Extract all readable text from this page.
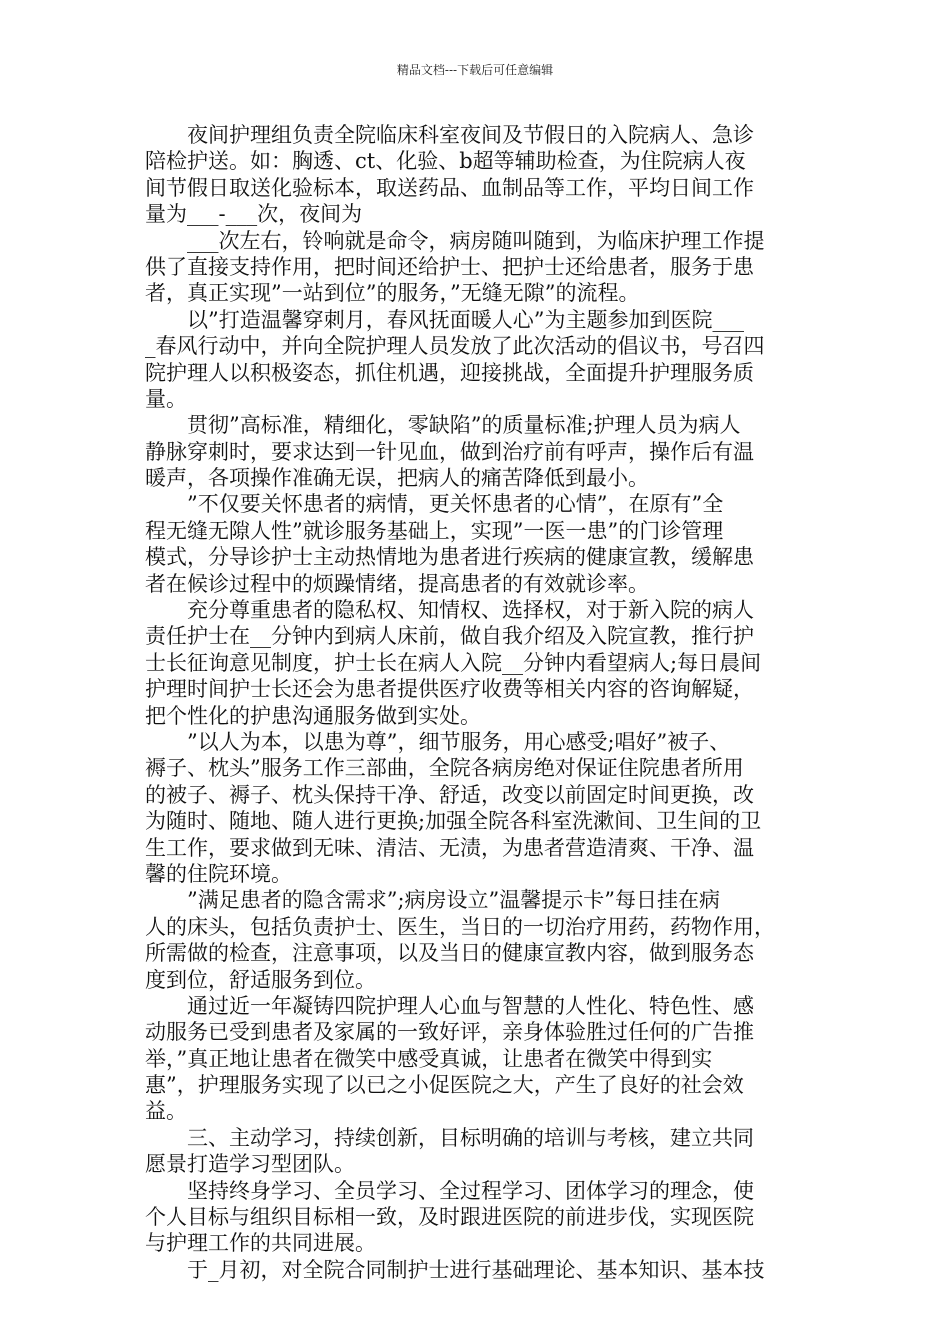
精品文档---下载后可任意编辑
夜间护理组负责全院临床科室夜间及节假日的入院病人、急诊
陪检护送。如：胸透、ct、化验、b超等辅助检查，为住院病人夜
间节假日取送化验标本，取送药品、血制品等工作，平均日间工作
量为___-___次，夜间为
___次左右，铃响就是命令，病房随叫随到，为临床护理工作提
供了直接支持作用，把时间还给护士、把护士还给患者，服务于患
者，真正实现”一站到位”的服务，”无缝无隙”的流程。
以”打造温馨穿刺月，春风抚面暖人心”为主题参加到医院___
_春风行动中，并向全院护理人员发放了此次活动的倡议书，号召四
院护理人以积极姿态，抓住机遇，迎接挑战，全面提升护理服务质
量。
贯彻”高标准，精细化，零缺陷”的质量标准;护理人员为病人
静脉穿刺时，要求达到一针见血，做到治疗前有呼声，操作后有温
暖声，各项操作准确无误，把病人的痛苦降低到最小。
”不仅要关怀患者的病情，更关怀患者的心情”，在原有”全
程无缝无隙人性”就诊服务基础上，实现”一医一患”的门诊管理
模式，分导诊护士主动热情地为患者进行疾病的健康宣教，缓解患
者在候诊过程中的烦躁情绪，提高患者的有效就诊率。
充分尊重患者的隐私权、知情权、选择权，对于新入院的病人
责任护士在__分钟内到病人床前，做自我介绍及入院宣教，推行护
士长征询意见制度，护士长在病人入院__分钟内看望病人;每日晨间
护理时间护士长还会为患者提供医疗收费等相关内容的咨询解疑，
把个性化的护患沟通服务做到实处。
”以人为本，以患为尊”，细节服务，用心感受;唱好”被子、
褥子、枕头”服务工作三部曲，全院各病房绝对保证住院患者所用
的被子、褥子、枕头保持干净、舒适，改变以前固定时间更换，改
为随时、随地、随人进行更换;加强全院各科室洗漱间、卫生间的卫
生工作，要求做到无味、清洁、无渍，为患者营造清爽、干净、温
馨的住院环境。
”满足患者的隐含需求”;病房设立”温馨提示卡”每日挂在病
人的床头，包括负责护士、医生，当日的一切治疗用药，药物作用，
所需做的检查，注意事项，以及当日的健康宣教内容，做到服务态
度到位，舒适服务到位。
通过近一年凝铸四院护理人心血与智慧的人性化、特色性、感
动服务已受到患者及家属的一致好评，亲身体验胜过任何的广告推
举，”真正地让患者在微笑中感受真诚，让患者在微笑中得到实
惠”，护理服务实现了以已之小促医院之大，产生了良好的社会效
益。
三、主动学习，持续创新，目标明确的培训与考核，建立共同
愿景打造学习型团队。
坚持终身学习、全员学习、全过程学习、团体学习的理念，使
个人目标与组织目标相一致，及时跟进医院的前进步伐，实现医院
与护理工作的共同进展。
于_月初，对全院合同制护士进行基础理论、基本知识、基本技
